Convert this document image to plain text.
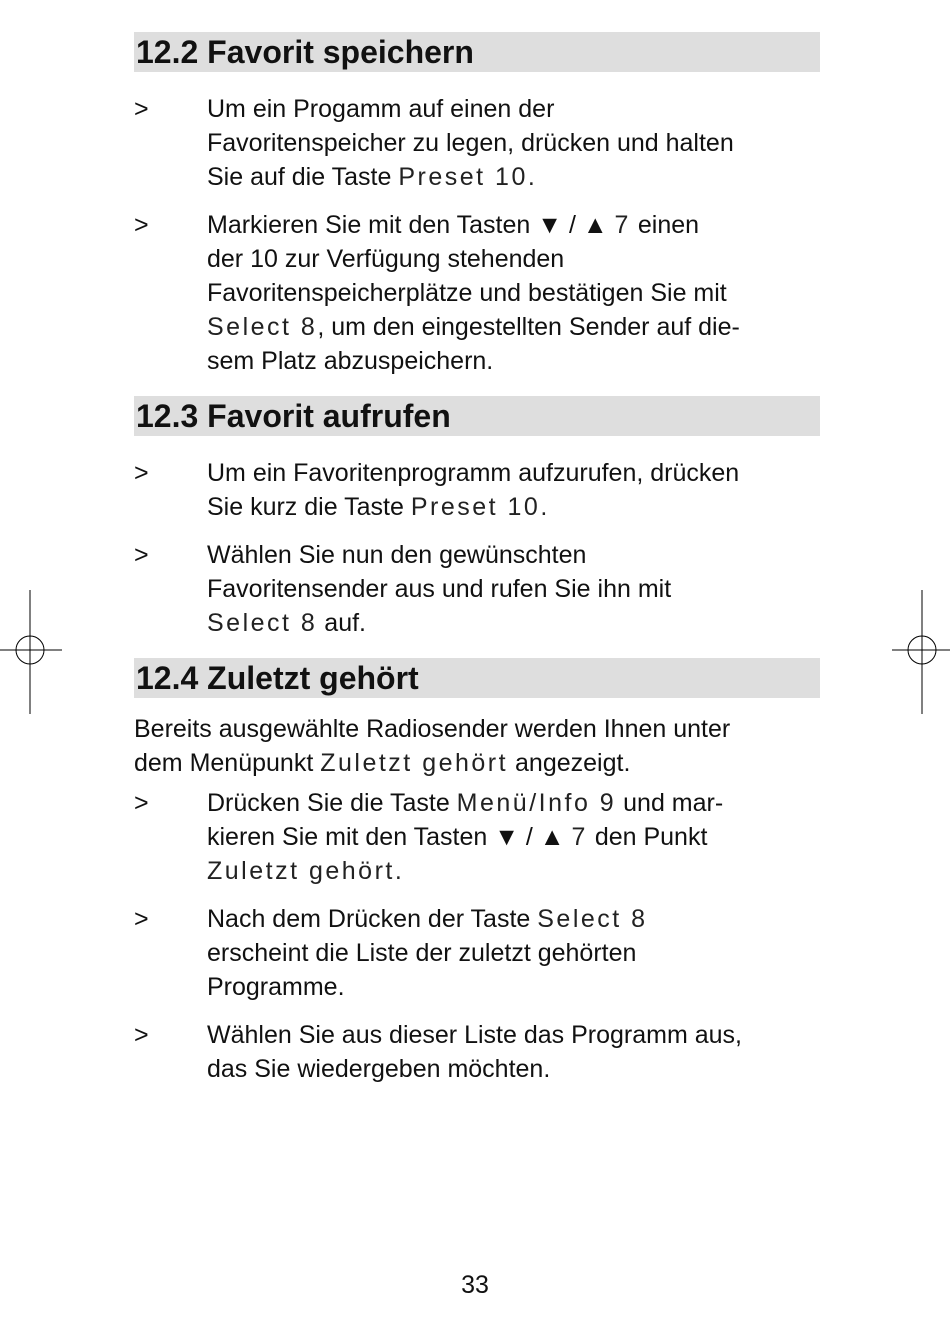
12.2 Favorit speichern
>	Um ein Progamm auf einen der
Favoritenspeicher zu legen, drücken und halten
Sie auf die Taste Preset 10.
>	Markieren Sie mit den Tasten ▼ / ▲ 7 einen
der 10 zur Verfügung stehenden
Favoritenspeicherplätze und bestätigen Sie mit
Select 8, um den eingestellten Sender auf die-
sem Platz abzuspeichern.
12.3 Favorit aufrufen
>	Um ein Favoritenprogramm aufzurufen, drücken
Sie kurz die Taste Preset 10.
>	Wählen Sie nun den gewünschten
Favoritensender aus und rufen Sie ihn mit
Select 8 auf.
12.4 Zuletzt gehört
Bereits ausgewählte Radiosender werden Ihnen unter
dem Menüpunkt Zuletzt gehört angezeigt.
>	Drücken Sie die Taste Menü/Info 9 und mar-
kieren Sie mit den Tasten ▼ / ▲ 7 den Punkt
Zuletzt gehört.
>	Nach dem Drücken der Taste Select 8
erscheint die Liste der zuletzt gehörten
Programme.
>	Wählen Sie aus dieser Liste das Programm aus,
das Sie wiedergeben möchten.
33
